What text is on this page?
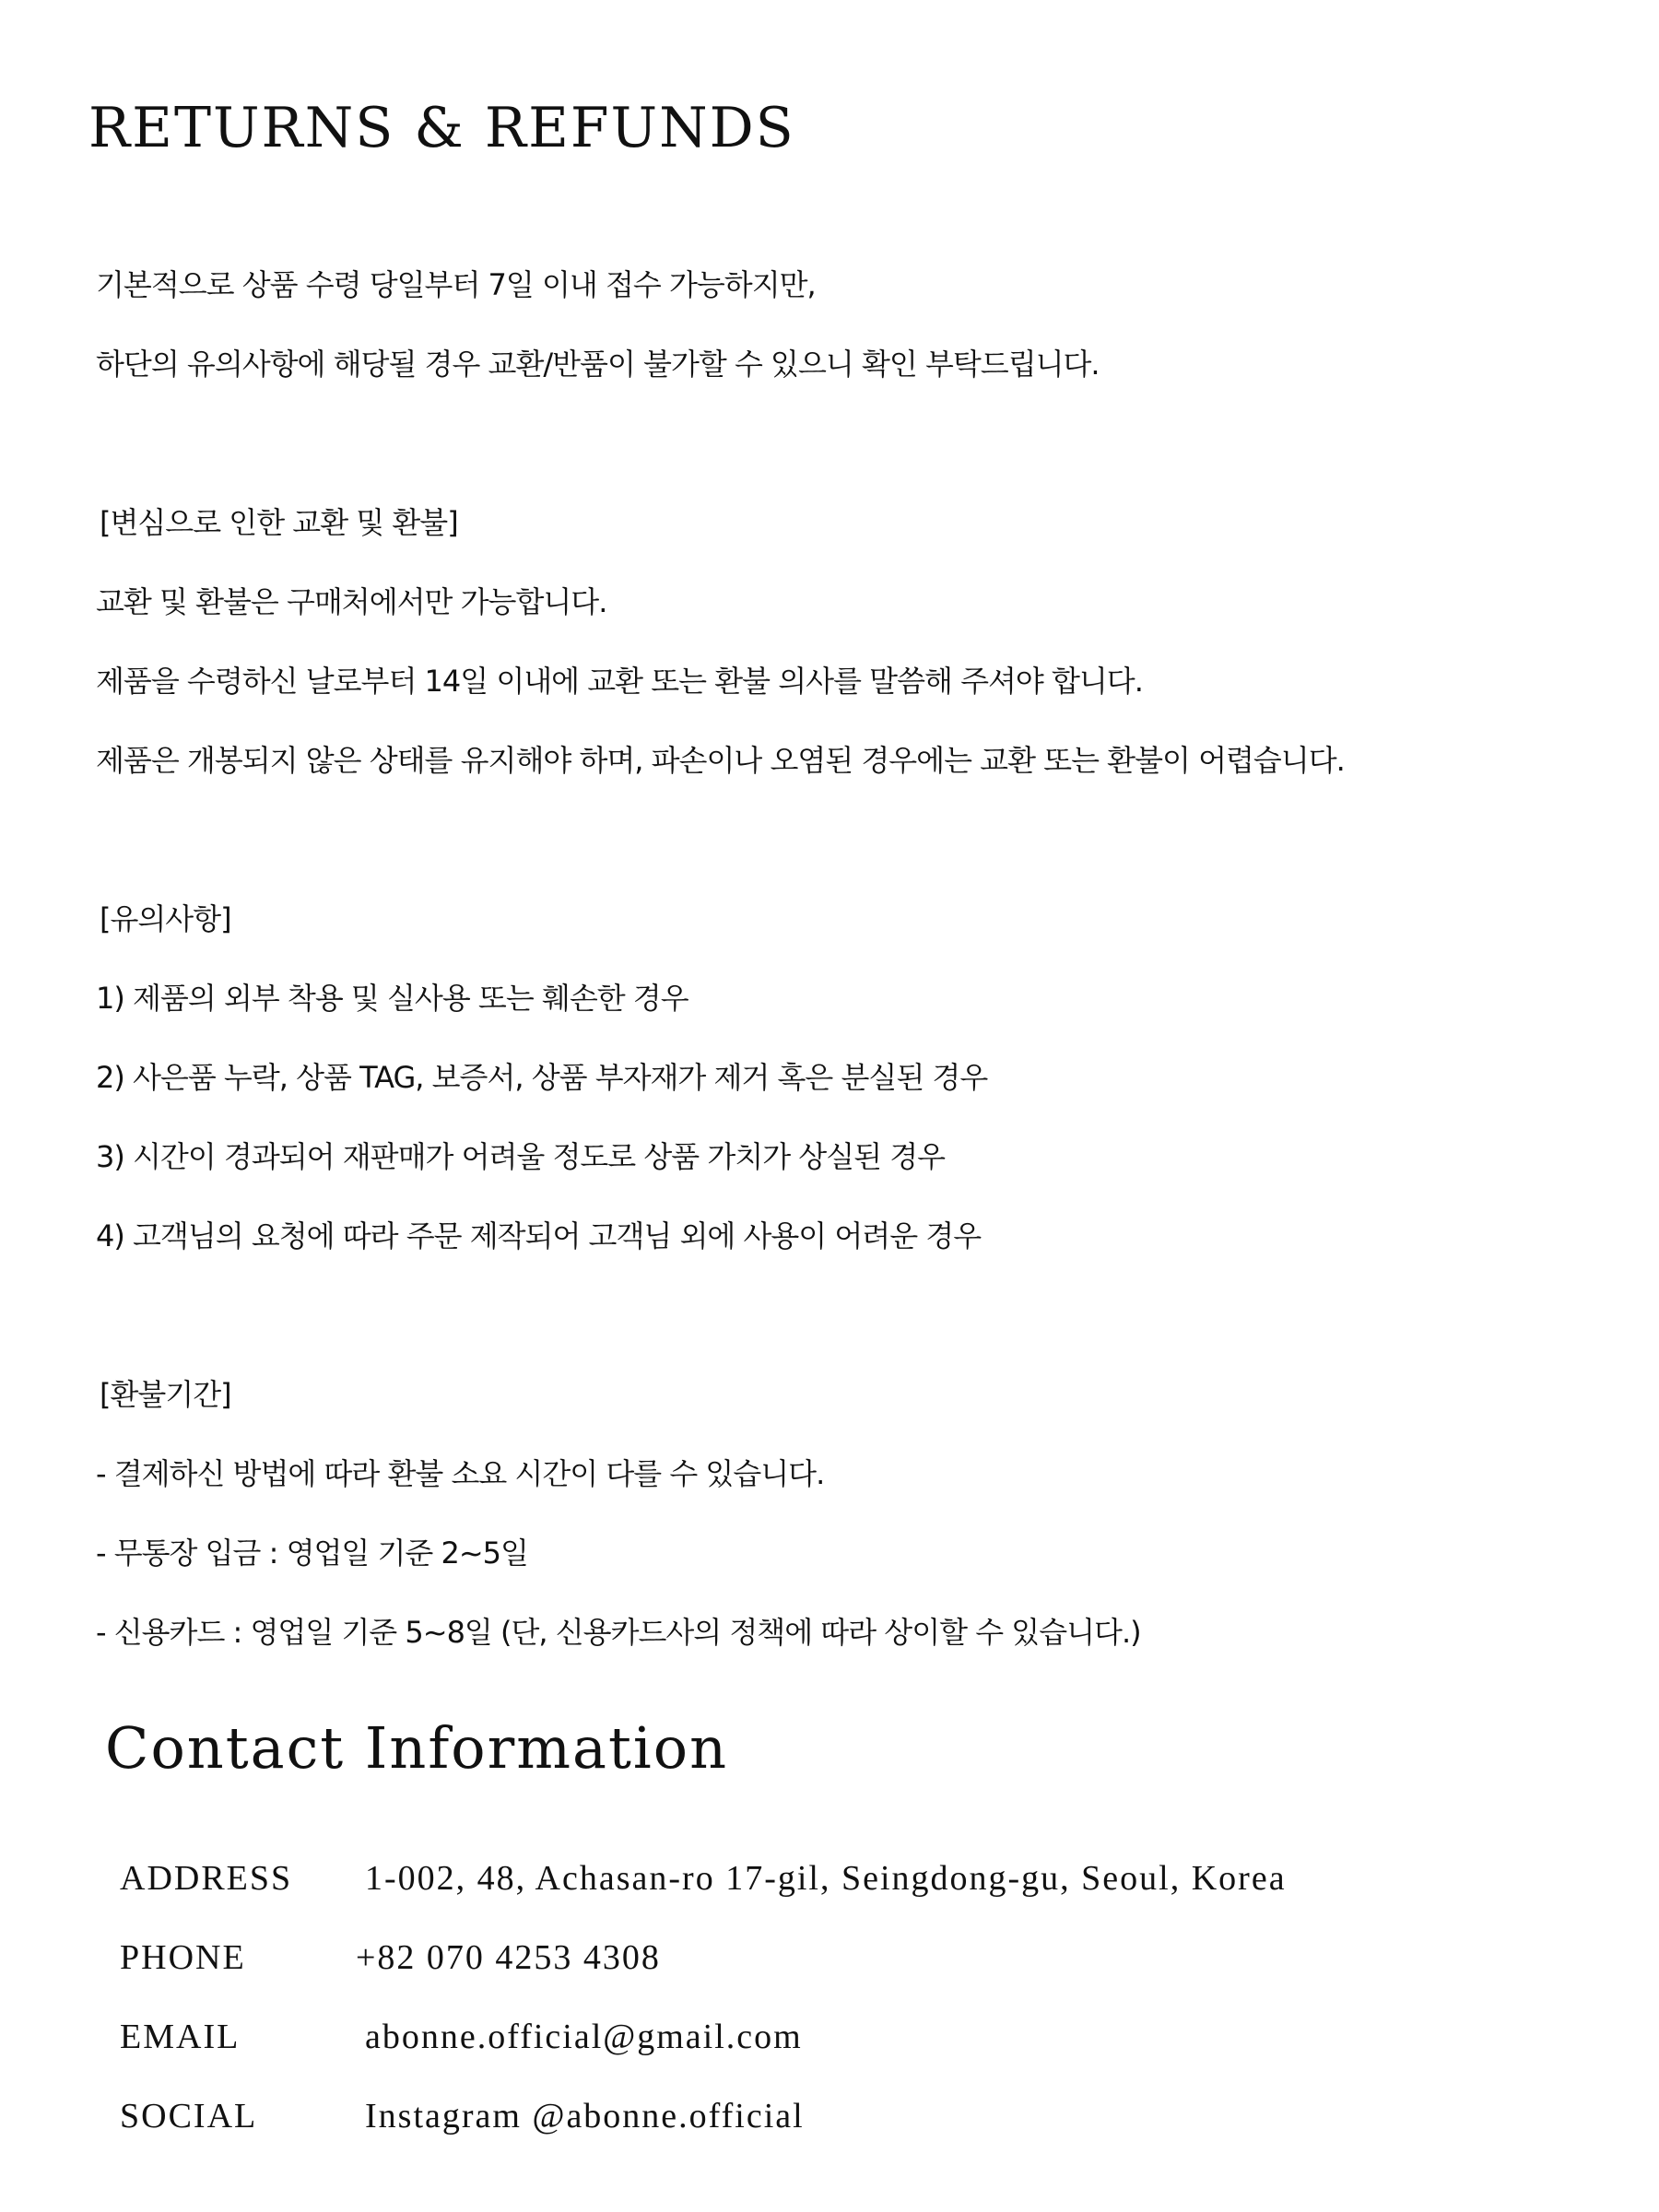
RETURNS & REFUNDS

기본적으로 상품 수령 당일부터 7일 이내 접수 가능하지만,

하단의 유의사항에 해당될 경우 교환/반품이 불가할 수 있으니 확인 부탁드립니다.

[변심으로 인한 교환 및 환불]

교환 및 환불은 구매처에서만 가능합니다.

제품을 수령하신 날로부터 14일 이내에 교환 또는 환불 의사를 말씀해 주셔야 합니다.

제품은 개봉되지 않은 상태를 유지해야 하며, 파손이나 오염된 경우에는 교환 또는 환불이 어렵습니다.

[유의사항]

1) 제품의 외부 착용 및 실사용 또는 훼손한 경우

2) 사은품 누락, 상품 TAG, 보증서, 상품 부자재가 제거 혹은 분실된 경우

3) 시간이 경과되어 재판매가 어려울 정도로 상품 가치가 상실된 경우

4) 고객님의 요청에 따라 주문 제작되어 고객님 외에 사용이 어려운 경우

[환불기간]

- 결제하신 방법에 따라 환불 소요 시간이 다를 수 있습니다.

- 무통장 입금 : 영업일 기준 2~5일

- 신용카드 : 영업일 기준 5~8일 (단, 신용카드사의 정책에 따라 상이할 수 있습니다.)

Contact Information

ADDRESS 1-002, 48, Achasan-ro 17-gil, Seingdong-gu, Seoul, Korea

PHONE	+82 070 4253 4308

EMAIL	abonne.official@gmail.com

SOCIAL	Instagram @abonne.official
